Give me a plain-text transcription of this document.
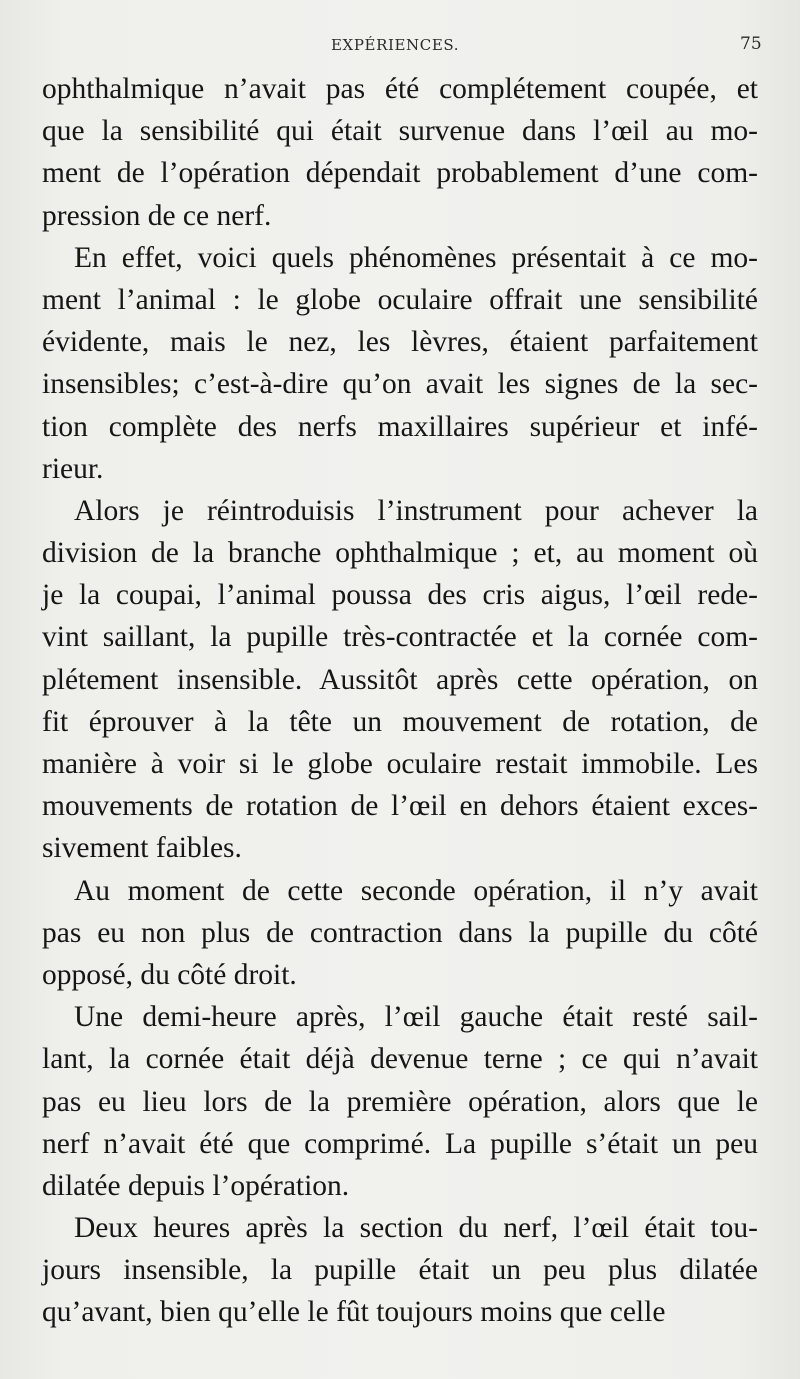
EXPÉRIENCES.	75
ophthalmique n’avait pas été complétement coupée, et
que la sensibilité qui était survenue dans l’œil au mo-
ment de l’opération dépendait probablement d’une com-
pression de ce nerf.
En effet, voici quels phénomènes présentait à ce mo-
ment l’animal : le globe oculaire offrait une sensibilité
évidente, mais le nez, les lèvres, étaient parfaitement
insensibles; c’est-à-dire qu’on avait les signes de la sec-
tion complète des nerfs maxillaires supérieur et infé-
rieur.
Alors je réintroduisis l’instrument pour achever la
division de la branche ophthalmique ; et, au moment où
je la coupai, l’animal poussa des cris aigus, l’œil rede-
vint saillant, la pupille très-contractée et la cornée com-
plétement insensible. Aussitôt après cette opération, on
fit éprouver à la tête un mouvement de rotation, de
manière à voir si le globe oculaire restait immobile. Les
mouvements de rotation de l’œil en dehors étaient exces-
sivement faibles.
Au moment de cette seconde opération, il n’y avait
pas eu non plus de contraction dans la pupille du côté
opposé, du côté droit.
Une demi-heure après, l’œil gauche était resté sail-
lant, la cornée était déjà devenue terne ; ce qui n’avait
pas eu lieu lors de la première opération, alors que le
nerf n’avait été que comprimé. La pupille s’était un peu
dilatée depuis l’opération.
Deux heures après la section du nerf, l’œil était tou-
jours insensible, la pupille était un peu plus dilatée
qu’avant, bien qu’elle le fût toujours moins que celle
